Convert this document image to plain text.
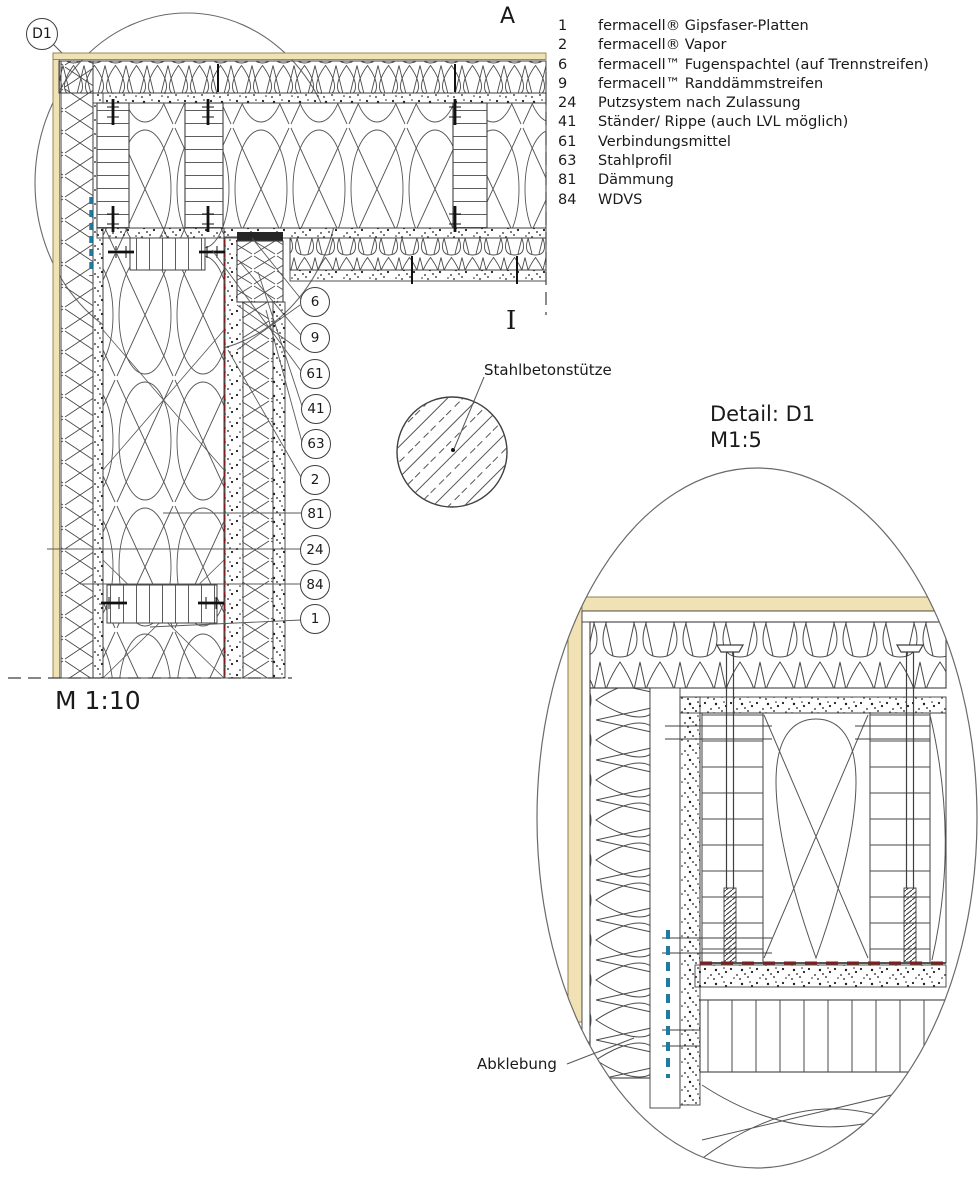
D1
A
I
M 1:10
Stahlbetonstütze
Detail: D1
M1:5
Abklebung
1	fermacell® Gipsfaser-Platten
2	fermacell® Vapor
6	fermacell™ Fugenspachtel (auf Trennstreifen)
9	fermacell™ Randdämmstreifen
24	Putzsystem nach Zulassung
41	Ständer/ Rippe (auch LVL möglich)
61	Verbindungsmittel
63	Stahlprofil
81	Dämmung
84	WDVS
6
9
61
41
63
2
81
24
84
1
